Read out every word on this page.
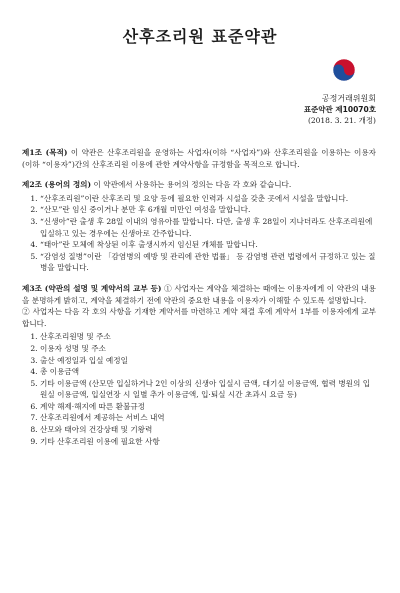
산후조리원 표준약관
공정거래위원회
표준약관 제10070호
(2018. 3. 21. 개정)

제1조 (목적) 이 약관은 산후조리원을 운영하는 사업자(이하 “사업자”)와 산후조리원을 이용하는 이용자(이하 “이용자”)간의 산후조리원 이용에 관한 계약사항을 규정함을 목적으로 합니다.

제2조 (용어의 정의) 이 약관에서 사용하는 용어의 정의는 다음 각 호와 같습니다.

1. “산후조리원”이란 산후조리 및 요양 등에 필요한 인력과 시설을 갖춘 곳에서 시설을 말합니다.
2. “산모”란 임신 중이거나 분만 후 6개월 미만인 여성을 말합니다.
3. “신생아”란 출생 후 28일 이내의 영유아를 말합니다. 다만, 출생 후 28일이 지나더라도 산후조리원에 입실하고 있는 경우에는 신생아로 간주합니다.
4. “태아”란 모체에 착상된 이후 출생시까지 임신된 개체를 말합니다.
5. “감염성 질병”이란 「감염병의 예방 및 관리에 관한 법률」 등 감염병 관련 법령에서 규정하고 있는 질병을 말합니다.

제3조 (약관의 설명 및 계약서의 교부 등) ① 사업자는 계약을 체결하는 때에는 이용자에게 이 약관의 내용을 분명하게 밝히고, 계약을 체결하기 전에 약관의 중요한 내용을 이용자가 이해할 수 있도록 설명합니다.

② 사업자는 다음 각 호의 사항을 기재한 계약서를 마련하고 계약 체결 후에 계약서 1부를 이용자에게 교부합니다.

1. 산후조리원명 및 주소
2. 이용자 성명 및 주소
3. 출산 예정일과 입실 예정일
4. 총 이용금액
5. 기타 이용금액 (산모만 입실하거나 2인 이상의 신생아 입실시 금액, 대기실 이용금액, 협력 병원의 입원실 이용금액, 입실연장 시 일별 추가 이용금액, 입·퇴실 시간 초과시 요금 등)
6. 계약 해제·해지에 따른 환불규정
7. 산후조리원에서 제공하는 서비스 내역
8. 산모와 태아의 건강상태 및 기왕력
9. 기타 산후조리원 이용에 필요한 사항
